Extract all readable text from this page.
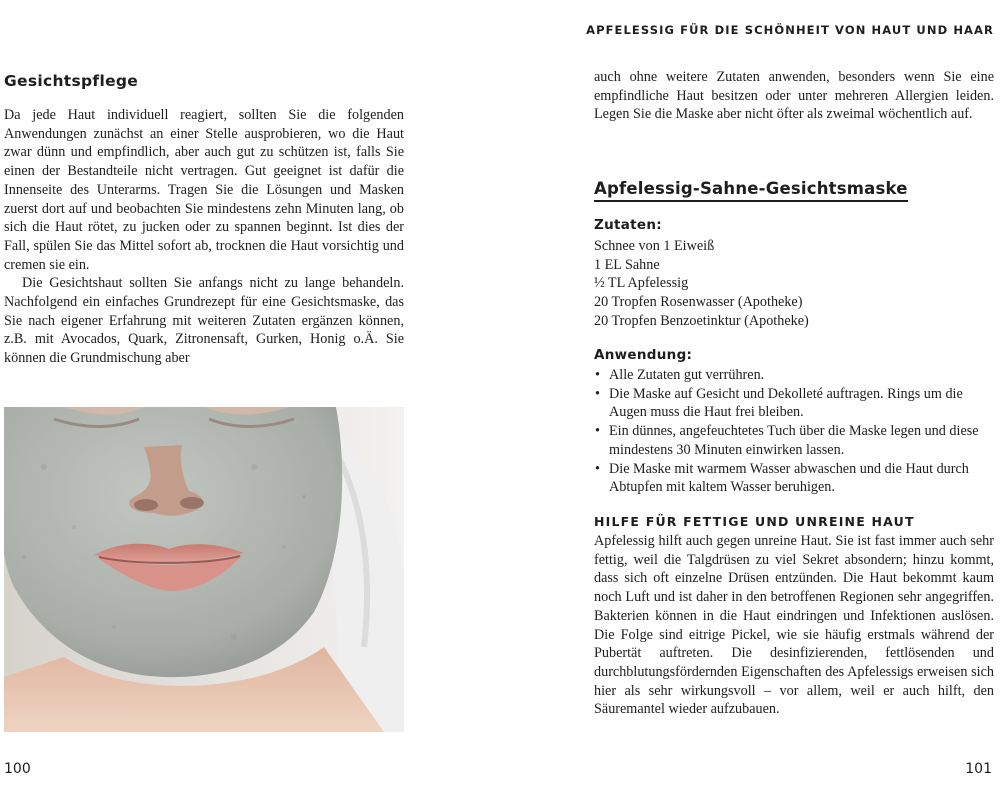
APFELESSIG FÜR DIE SCHÖNHEIT VON HAUT UND HAAR
Gesichtspflege

Da jede Haut individuell reagiert, sollten Sie die folgenden Anwendungen zunächst an einer Stelle ausprobieren, wo die Haut zwar dünn und empfindlich, aber auch gut zu schützen ist, falls Sie einen der Bestandteile nicht vertragen. Gut geeignet ist dafür die Innenseite des Unterarms. Tragen Sie die Lösungen und Masken zuerst dort auf und beobachten Sie mindestens zehn Minuten lang, ob sich die Haut rötet, zu jucken oder zu spannen beginnt. Ist dies der Fall, spülen Sie das Mittel sofort ab, trocknen die Haut vorsichtig und cremen sie ein.

Die Gesichtshaut sollten Sie anfangs nicht zu lange behandeln. Nachfolgend ein einfaches Grundrezept für eine Gesichtsmaske, das Sie nach eigener Erfahrung mit weiteren Zutaten ergänzen können, z.B. mit Avocados, Quark, Zitronensaft, Gurken, Honig o.Ä. Sie können die Grundmischung aber

100

auch ohne weitere Zutaten anwenden, besonders wenn Sie eine empfindliche Haut besitzen oder unter mehreren Allergien leiden. Legen Sie die Maske aber nicht öfter als zweimal wöchentlich auf.

Apfelessig-Sahne-Gesichtsmaske

Zutaten:

Schnee von 1 Eiweiß
1 EL Sahne
½ TL Apfelessig
20 Tropfen Rosenwasser (Apotheke)
20 Tropfen Benzoetinktur (Apotheke)

Anwendung:

• Alle Zutaten gut verrühren.
• Die Maske auf Gesicht und Dekolleté auftragen. Rings um die Augen muss die Haut frei bleiben.
• Ein dünnes, angefeuchtetes Tuch über die Maske legen und diese mindestens 30 Minuten einwirken lassen.
• Die Maske mit warmem Wasser abwaschen und die Haut durch Abtupfen mit kaltem Wasser beruhigen.
HILFE FÜR FETTIGE UND UNREINE HAUT

Apfelessig hilft auch gegen unreine Haut. Sie ist fast immer auch sehr fettig, weil die Talgdrüsen zu viel Sekret absondern; hinzu kommt, dass sich oft einzelne Drüsen entzünden. Die Haut bekommt kaum noch Luft und ist daher in den betroffenen Regionen sehr angegriffen. Bakterien können in die Haut eindringen und Infektionen auslösen. Die Folge sind eitrige Pickel, wie sie häufig erstmals während der Pubertät auftreten. Die desinfizierenden, fettlösenden und durchblutungsfördernden Eigenschaften des Apfelessigs erweisen sich hier als sehr wirkungsvoll – vor allem, weil er auch hilft, den Säuremantel wieder aufzubauen.

101
